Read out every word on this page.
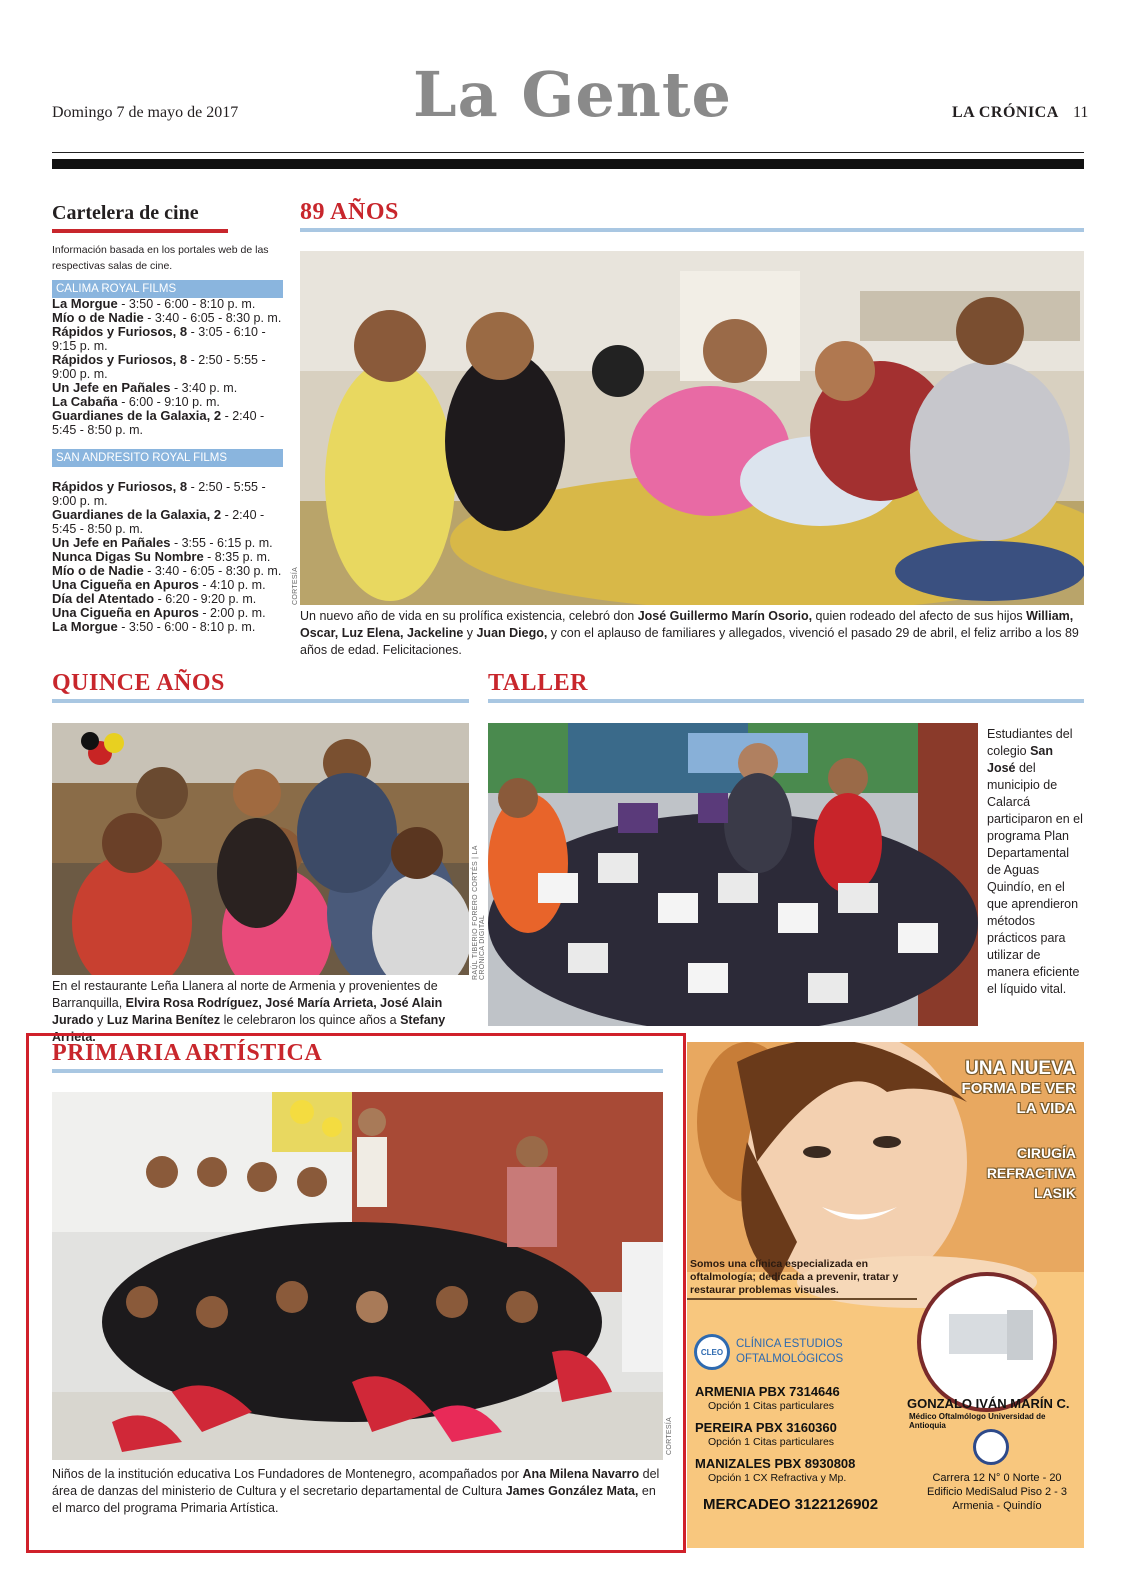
Domingo 7 de mayo de 2017	La Gente	LA CRÓNICA 11
Cartelera de cine
Información basada en los portales web de las respectivas salas de cine.
CALIMA ROYAL FILMS
La Morgue - 3:50 - 6:00 - 8:10 p. m.
Mío o de Nadie - 3:40 - 6:05 - 8:30 p. m.
Rápidos y Furiosos, 8 - 3:05 - 6:10 - 9:15 p. m.
Rápidos y Furiosos, 8 - 2:50 - 5:55 - 9:00 p. m.
Un Jefe en Pañales - 3:40 p. m.
La Cabaña - 6:00 - 9:10 p. m.
Guardianes de la Galaxia, 2 - 2:40 - 5:45 - 8:50 p. m.
SAN ANDRESITO ROYAL FILMS
Rápidos y Furiosos, 8 - 2:50 - 5:55 - 9:00 p. m.
Guardianes de la Galaxia, 2 - 2:40 - 5:45 - 8:50 p. m.
Un Jefe en Pañales - 3:55 - 6:15 p. m.
Nunca Digas Su Nombre - 8:35 p. m.
Mío o de Nadie - 3:40 - 6:05 - 8:30 p. m.
Una Cigueña en Apuros - 4:10 p. m.
Día del Atentado - 6:20 - 9:20 p. m.
Una Cigueña en Apuros - 2:00 p. m.
La Morgue - 3:50 - 6:00 - 8:10 p. m.
89 AÑOS
CORTESÍA
Un nuevo año de vida en su prolífica existencia, celebró don José Guillermo Marín Osorio, quien rodeado del afecto de sus hijos William, Oscar, Luz Elena, Jackeline y Juan Diego, y con el aplauso de familiares y allegados, vivenció el pasado 29 de abril, el feliz arribo a los 89 años de edad. Felicitaciones.
QUINCE AÑOS
RAÚL TIBERIO FORERO CORTÉS | LA CRÓNICA DIGITAL
En el restaurante Leña Llanera al norte de Armenia y provenientes de Barranquilla, Elvira Rosa Rodríguez, José María Arrieta, José Alain Jurado y Luz Marina Benítez le celebraron los quince años a Stefany Arrieta.
TALLER
Estudiantes del colegio San José del municipio de Calarcá participaron en el programa Plan Departamental de Aguas Quindío, en el que aprendieron métodos prácticos para utilizar de manera eficiente el líquido vital.
PRIMARIA ARTÍSTICA
CORTESÍA
Niños de la institución educativa Los Fundadores de Montenegro, acompañados por Ana Milena Navarro del área de danzas del ministerio de Cultura y el secretario departamental de Cultura James González Mata, en el marco del programa Primaria Artística.
UNA NUEVA
FORMA DE VER
LA VIDA
CIRUGÍA
REFRACTIVA
LASIK
Somos una clínica especializada en oftalmología; dedicada a prevenir, tratar y restaurar problemas visuales.
CLEO
CLÍNICA ESTUDIOS
OFTALMOLÓGICOS
ARMENIA PBX 7314646
Opción 1 Citas particulares
PEREIRA PBX 3160360
Opción 1 Citas particulares
MANIZALES PBX 8930808
Opción 1 CX Refractiva y Mp.
MERCADEO 3122126902
GONZALO IVÁN MARÍN C.
Médico Oftalmólogo Universidad de Antioquia
Carrera 12 N° 0 Norte - 20
Edificio MediSalud Piso 2 - 3
Armenia - Quindío
